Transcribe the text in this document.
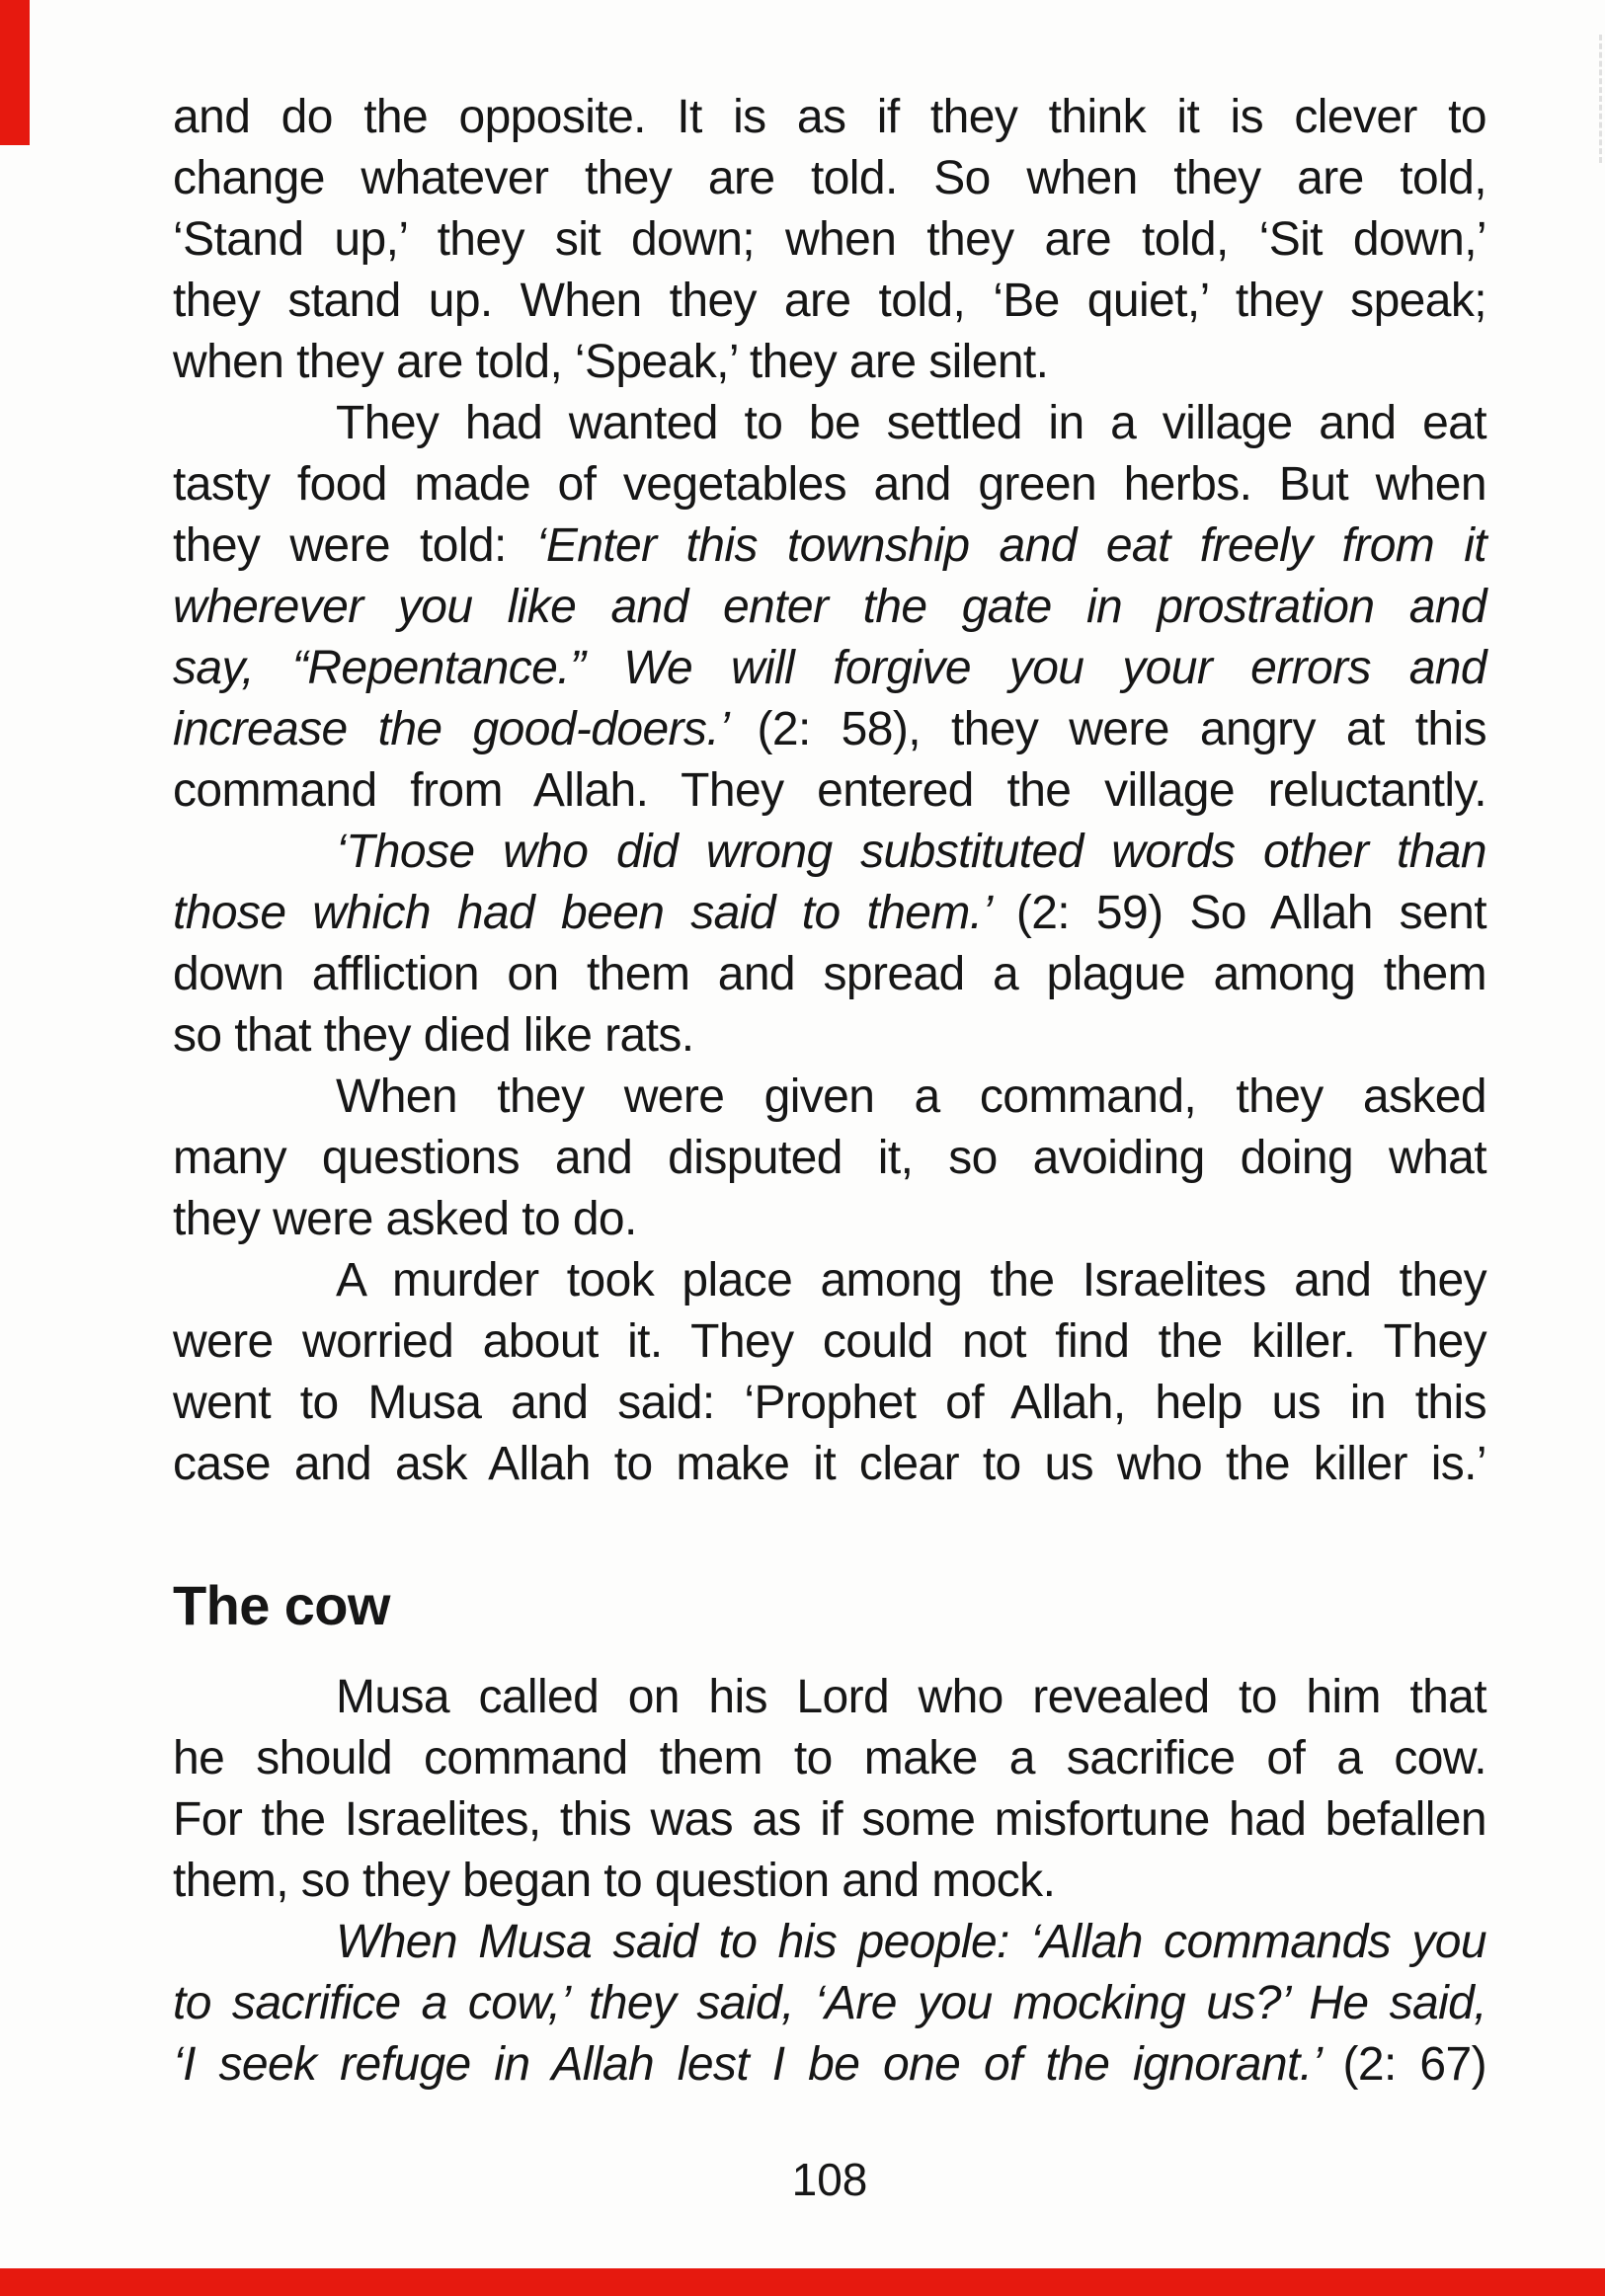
and do the opposite. It is as if they think it is clever to
change whatever they are told. So when they are told,
‘Stand up,’ they sit down; when they are told, ‘Sit down,’
they stand up. When they are told, ‘Be quiet,’ they speak;
when they are told, ‘Speak,’ they are silent.
They had wanted to be settled in a village and eat
tasty food made of vegetables and green herbs. But when
they were told: ‘Enter this township and eat freely from it
wherever you like and enter the gate in prostration and
say, “Repentance.” We will forgive you your errors and
increase the good-doers.’ (2: 58), they were angry at this
command from Allah. They entered the village reluctantly.
‘Those who did wrong substituted words other than
those which had been said to them.’ (2: 59) So Allah sent
down affliction on them and spread a plague among them
so that they died like rats.
When they were given a command, they asked
many questions and disputed it, so avoiding doing what
they were asked to do.
A murder took place among the Israelites and they
were worried about it. They could not find the killer. They
went to Musa and said: ‘Prophet of Allah, help us in this
case and ask Allah to make it clear to us who the killer is.’
The cow
Musa called on his Lord who revealed to him that
he should command them to make a sacrifice of a cow.
For the Israelites, this was as if some misfortune had befallen
them, so they began to question and mock.
When Musa said to his people: ‘Allah commands you
to sacrifice a cow,’ they said, ‘Are you mocking us?’ He said,
‘I seek refuge in Allah lest I be one of the ignorant.’ (2: 67)
108
